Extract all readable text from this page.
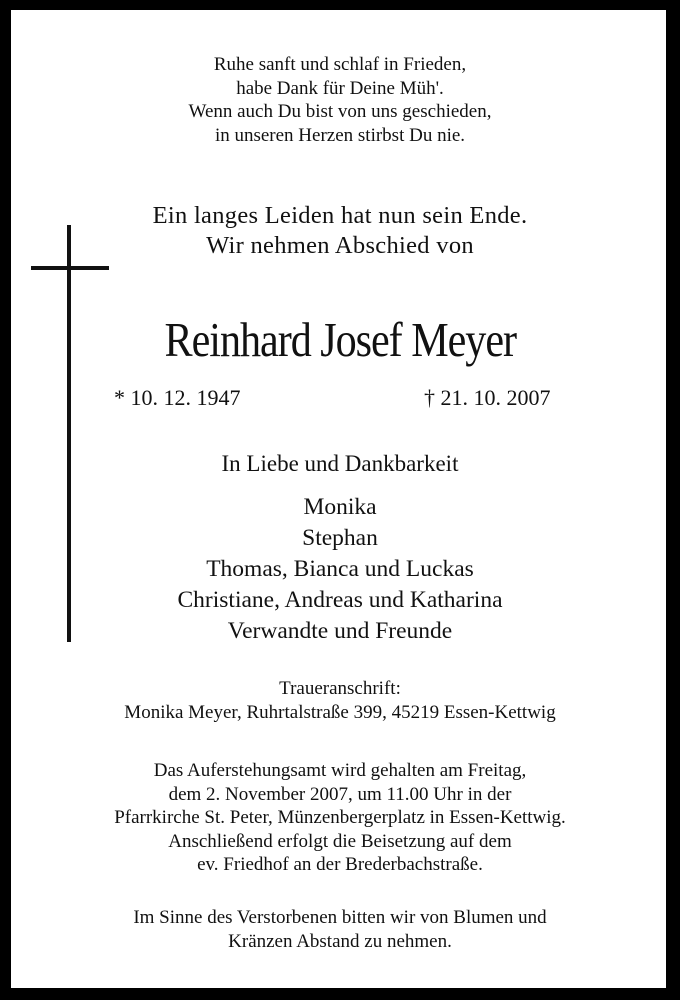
Ruhe sanft und schlaf in Frieden,
habe Dank für Deine Müh'.
Wenn auch Du bist von uns geschieden,
in unseren Herzen stirbst Du nie.
Ein langes Leiden hat nun sein Ende.
Wir nehmen Abschied von
Reinhard Josef Meyer
* 10. 12. 1947	† 21. 10. 2007
In Liebe und Dankbarkeit
Monika
Stephan
Thomas, Bianca und Luckas
Christiane, Andreas und Katharina
Verwandte und Freunde
Traueranschrift:
Monika Meyer, Ruhrtalstraße 399, 45219 Essen-Kettwig
Das Auferstehungsamt wird gehalten am Freitag,
dem 2. November 2007, um 11.00 Uhr in der
Pfarrkirche St. Peter, Münzenbergerplatz in Essen-Kettwig.
Anschließend erfolgt die Beisetzung auf dem
ev. Friedhof an der Brederbachstraße.
Im Sinne des Verstorbenen bitten wir von Blumen und
Kränzen Abstand zu nehmen.
